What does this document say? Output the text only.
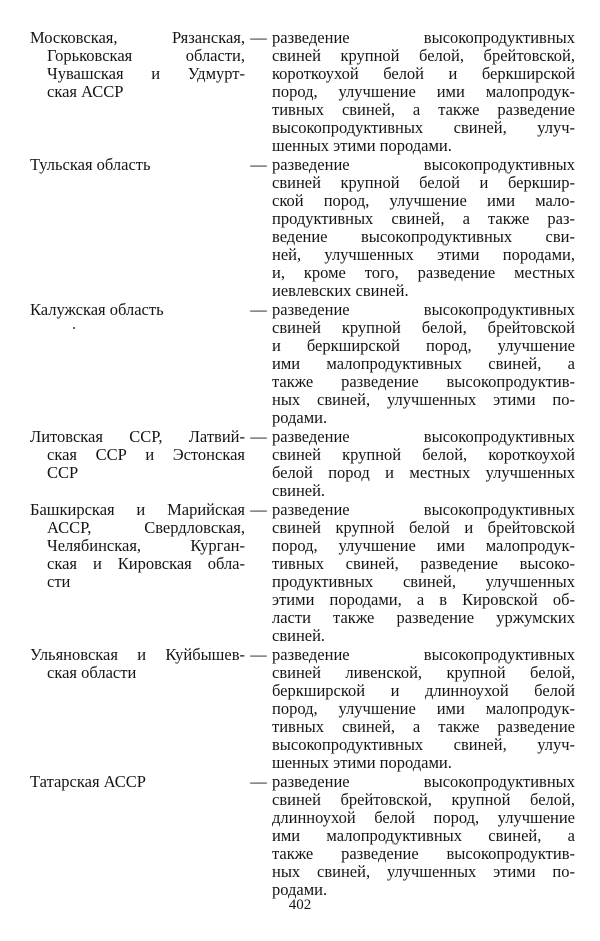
Московская, Рязанская,
Горьковская области,
Чувашская и Удмурт-
ская АССР
— разведение высокопродуктивных
свиней крупной белой, брейтовской,
короткоухой белой и беркширской
пород, улучшение ими малопродук-
тивных свиней, а также разведение
высокопродуктивных свиней, улуч-
шенных этими породами.
Тульская область	— разведение высокопродуктивных
свиней крупной белой и беркшир-
ской пород, улучшение ими мало-
продуктивных свиней, а также раз-
ведение высокопродуктивных сви-
ней, улучшенных этими породами,
и, кроме того, разведение местных
иевлевских свиней.
Калужская область	— разведение высокопродуктивных
свиней крупной белой, брейтовской
и беркширской пород, улучшение
ими малопродуктивных свиней, а
также разведение высокопродуктив-
ных свиней, улучшенных этими по-
родами.
Литовская ССР, Латвий-
ская ССР и Эстонская
ССР
— разведение высокопродуктивных
свиней крупной белой, короткоухой
белой пород и местных улучшенных
свиней.
Башкирская и Марийская
АССР, Свердловская,
Челябинская, Курган-
ская и Кировская обла-
сти
— разведение высокопродуктивных
свиней крупной белой и брейтовской
пород, улучшение ими малопродук-
тивных свиней, разведение высоко-
продуктивных свиней, улучшенных
этими породами, а в Кировской об-
ласти также разведение уржумских
свиней.
Ульяновская и Куйбышев-
ская области
— разведение высокопродуктивных
свиней ливенской, крупной белой,
беркширской и длинноухой белой
пород, улучшение ими малопродук-
тивных свиней, а также разведение
высокопродуктивных свиней, улуч-
шенных этими породами.
Татарская АССР	— разведение высокопродуктивных
свиней брейтовской, крупной белой,
длинноухой белой пород, улучшение
ими малопродуктивных свиней, а
также разведение высокопродуктив-
ных свиней, улучшенных этими по-
родами.
402
